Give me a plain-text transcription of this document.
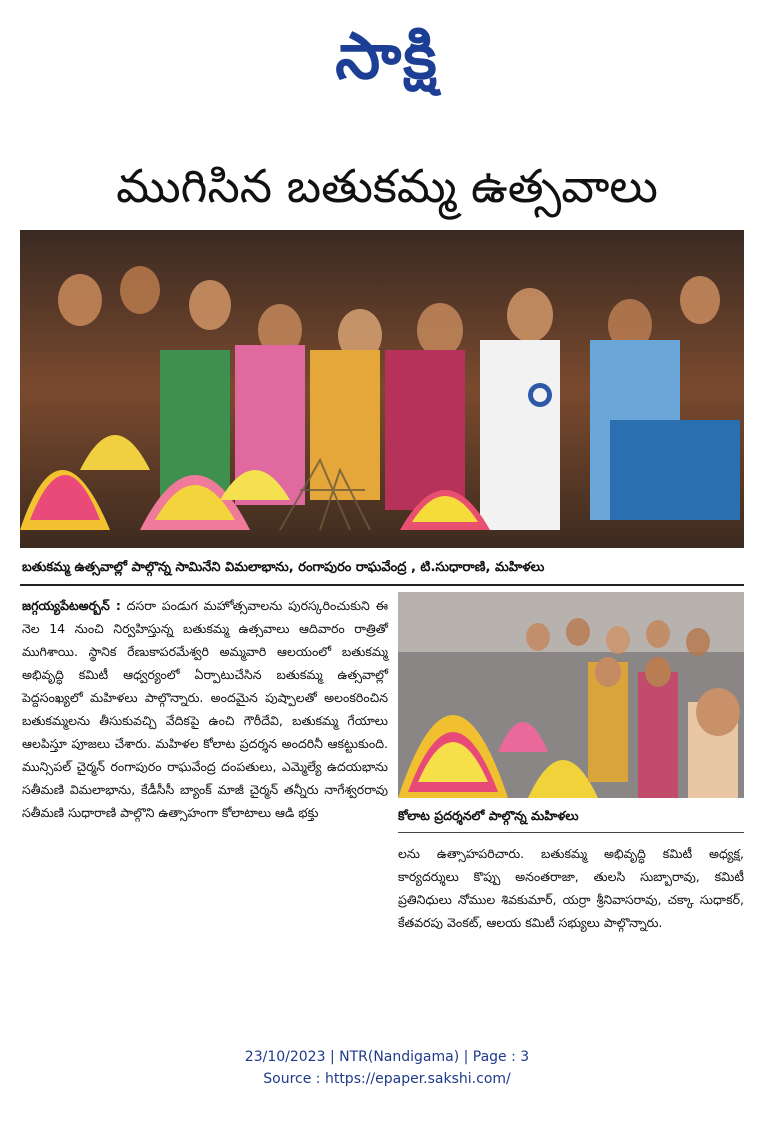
సాక్షి
ముగిసిన బతుకమ్మ ఉత్సవాలు
బతుకమ్మ ఉత్సవాల్లో పాల్గొన్న సామినేని విమలాభాను, రంగాపురం రాఘవేంద్ర , టి.సుధారాణి, మహిళలు
జగ్గయ్యపేటఅర్బన్ : దసరా పండుగ మహోత్సవాలను పురస్కరించుకుని ఈ నెల 14 నుంచి నిర్వహిస్తున్న బతుకమ్మ ఉత్సవాలు ఆదివారం రాత్రితో ముగిశాయి. స్థానిక రేణుకాపరమేశ్వరి అమ్మవారి ఆలయంలో బతుకమ్మ అభివృద్ధి కమిటీ ఆధ్వర్యంలో ఏర్పాటుచేసిన బతుకమ్మ ఉత్సవాల్లో పెద్దసంఖ్యలో మహిళలు పాల్గొన్నారు. అందమైన పుష్పాలతో అలంకరించిన బతుకమ్మలను తీసుకువచ్చి వేదికపై ఉంచి గౌరీదేవి, బతుకమ్మ గేయాలు ఆలపిస్తూ పూజలు చేశారు. మహిళల కోలాట ప్రదర్శన అందరినీ ఆకట్టుకుంది. మున్సిపల్ చైర్మన్ రంగాపురం రాఘవేంద్ర దంపతులు, ఎమ్మెల్యే ఉదయభాను సతీమణి విమలాభాను, కేడీసీసీ బ్యాంక్ మాజీ చైర్మన్ తన్నీరు నాగేశ్వరరావు సతీమణి సుధారాణి పాల్గొని ఉత్సాహంగా కోలాటాలు ఆడి భక్తు	కోలాట ప్రదర్శనలో పాల్గొన్న మహిళలు
లను ఉత్సాహపరిచారు. బతుకమ్మ అభివృద్ధి కమిటీ అధ్యక్ష, కార్యదర్శులు కొప్పు అనంతరాజా, తులసి సుబ్బారావు, కమిటీ ప్రతినిధులు నోముల శివకుమార్, యర్రా శ్రీనివాసరావు, చక్కా సుధాకర్, కేతవరపు వెంకట్, ఆలయ కమిటీ సభ్యులు పాల్గొన్నారు.
23/10/2023 | NTR(Nandigama) | Page : 3
Source : https://epaper.sakshi.com/
